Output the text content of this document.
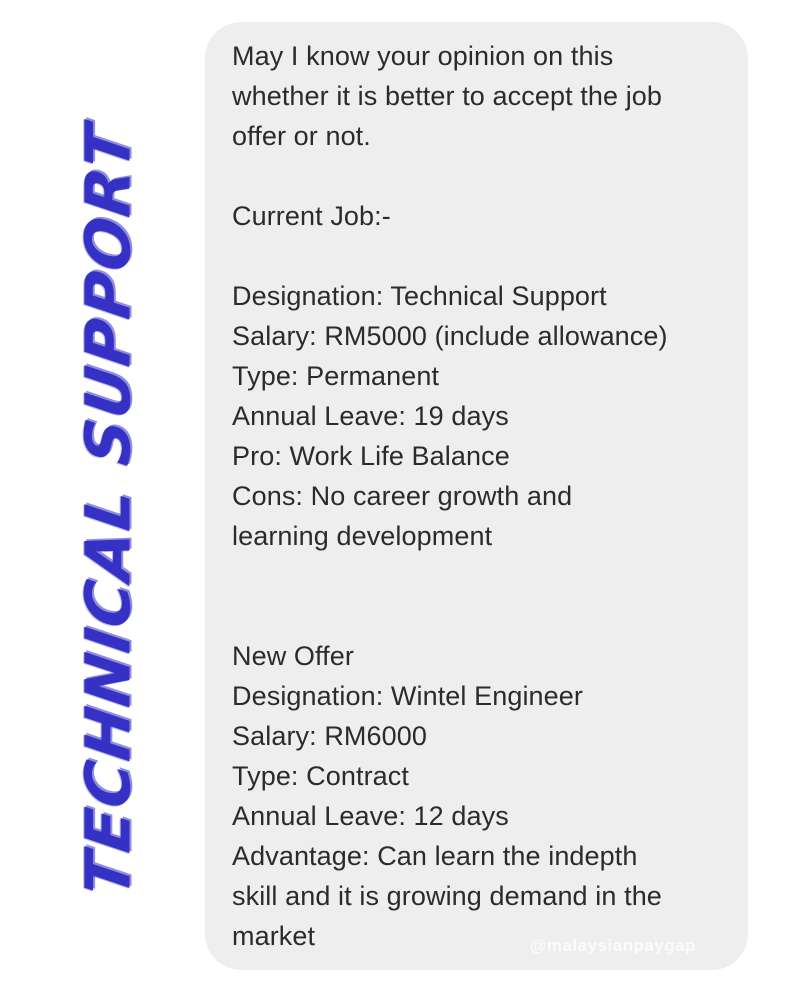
TECHNICAL SUPPORT
May I know your opinion on this
whether it is better to accept the job
offer or not.

Current Job:-

Designation: Technical Support
Salary: RM5000 (include allowance)
Type: Permanent
Annual Leave: 19 days
Pro: Work Life Balance
Cons: No career growth and
learning development

New Offer
Designation: Wintel Engineer
Salary: RM6000
Type: Contract
Annual Leave: 12 days
Advantage: Can learn the indepth
skill and it is growing demand in the
market	@malaysianpaygap
